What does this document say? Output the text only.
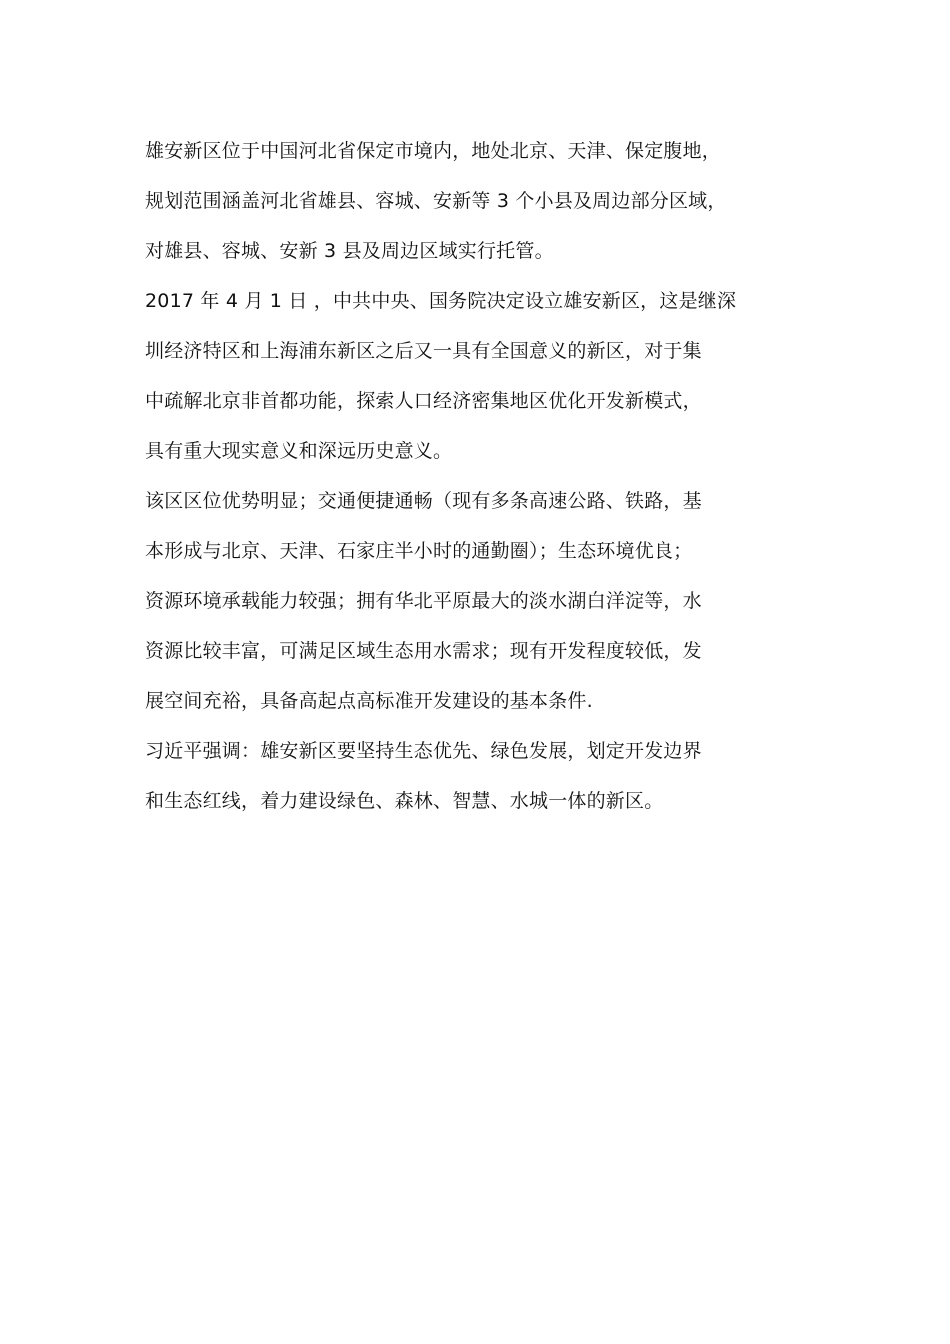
雄安新区位于中国河北省保定市境内，地处北京、天津、保定腹地，
规划范围涵盖河北省雄县、容城、安新等 3 个小县及周边部分区域，
对雄县、容城、安新 3 县及周边区域实行托管。
2017 年 4 月 1 日 ，中共中央、国务院决定设立雄安新区，这是继深
圳经济特区和上海浦东新区之后又一具有全国意义的新区，对于集
中疏解北京非首都功能，探索人口经济密集地区优化开发新模式，
具有重大现实意义和深远历史意义。
该区区位优势明显；交通便捷通畅（现有多条高速公路、铁路，基
本形成与北京、天津、石家庄半小时的通勤圈）；生态环境优良；
资源环境承载能力较强；拥有华北平原最大的淡水湖白洋淀等，水
资源比较丰富，可满足区域生态用水需求；现有开发程度较低，发
展空间充裕，具备高起点高标准开发建设的基本条件.
习近平强调：雄安新区要坚持生态优先、绿色发展，划定开发边界
和生态红线，着力建设绿色、森林、智慧、水城一体的新区。
